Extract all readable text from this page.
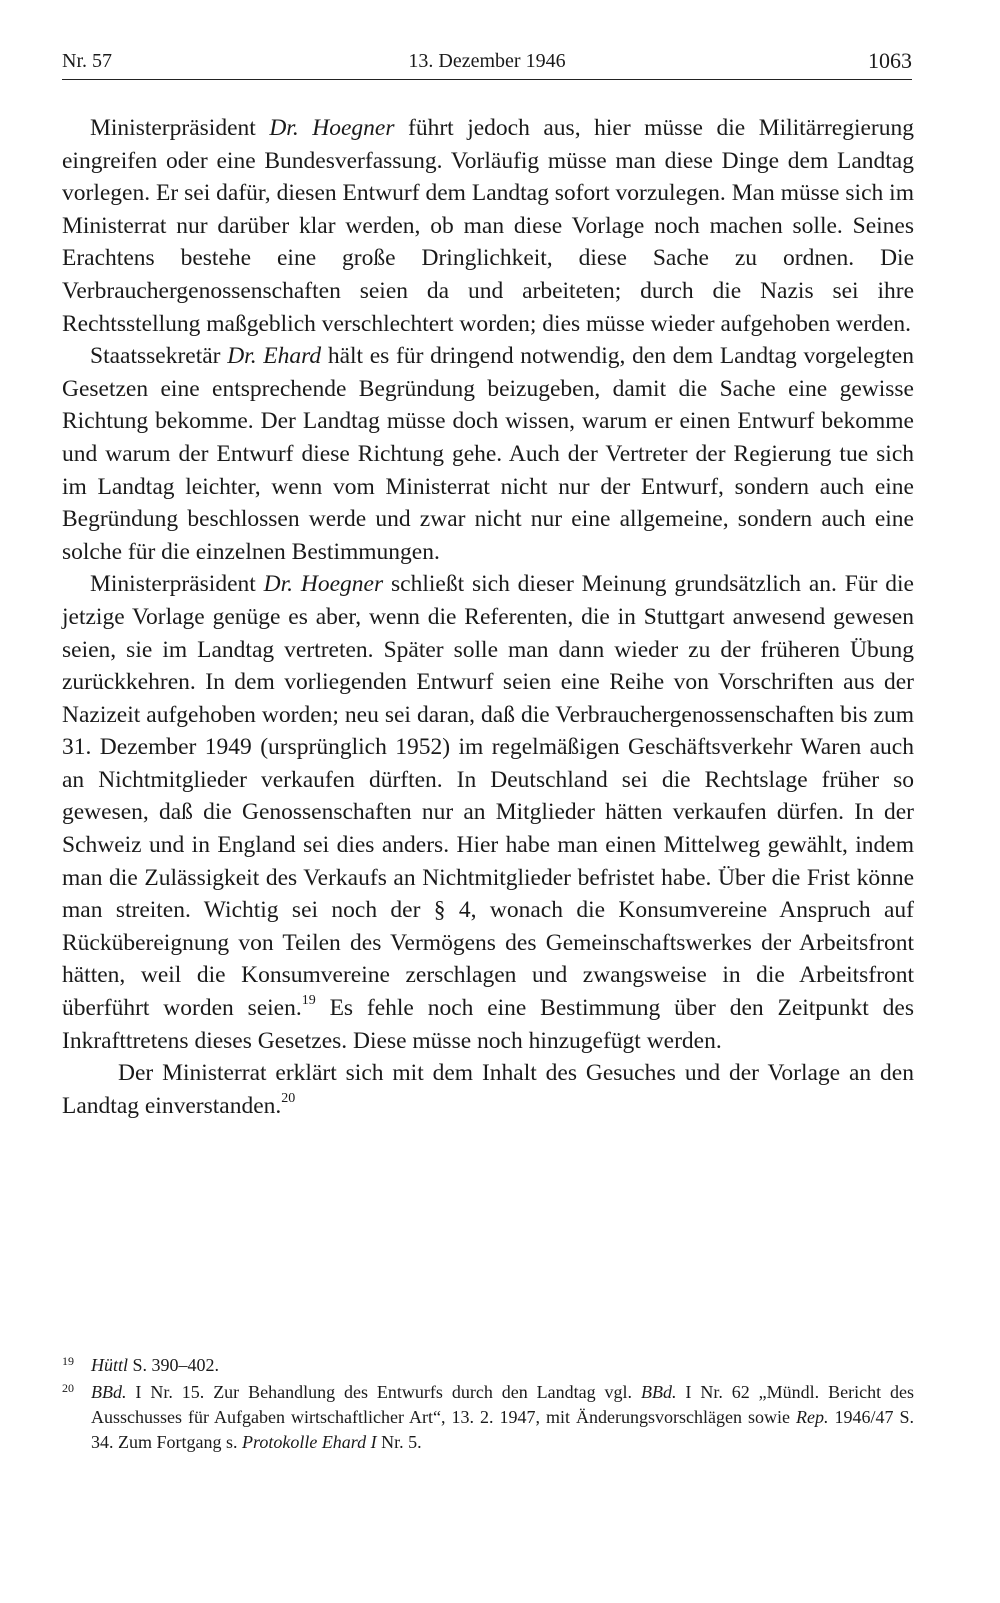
Nr. 57	13. Dezember 1946	1063

Ministerpräsident Dr. Hoegner führt jedoch aus, hier müsse die Militärregierung eingreifen oder eine Bundesverfassung. Vorläufig müsse man diese Dinge dem Landtag vorlegen. Er sei dafür, diesen Entwurf dem Landtag sofort vorzulegen. Man müsse sich im Ministerrat nur darüber klar werden, ob man diese Vorlage noch machen solle. Seines Erachtens bestehe eine große Dringlichkeit, diese Sache zu ordnen. Die Verbrauchergenossenschaften seien da und arbeiteten; durch die Nazis sei ihre Rechtsstellung maßgeblich verschlechtert worden; dies müsse wieder aufgehoben werden.

Staatssekretär Dr. Ehard hält es für dringend notwendig, den dem Landtag vorgelegten Gesetzen eine entsprechende Begründung beizugeben, damit die Sache eine gewisse Richtung bekomme. Der Landtag müsse doch wissen, warum er einen Entwurf bekomme und warum der Entwurf diese Richtung gehe. Auch der Vertreter der Regierung tue sich im Landtag leichter, wenn vom Ministerrat nicht nur der Entwurf, sondern auch eine Begründung beschlossen werde und zwar nicht nur eine allgemeine, sondern auch eine solche für die einzelnen Bestimmungen.

Ministerpräsident Dr. Hoegner schließt sich dieser Meinung grundsätzlich an. Für die jetzige Vorlage genüge es aber, wenn die Referenten, die in Stuttgart anwesend gewesen seien, sie im Landtag vertreten. Später solle man dann wieder zu der früheren Übung zurückkehren. In dem vorliegenden Entwurf seien eine Reihe von Vorschriften aus der Nazizeit aufgehoben worden; neu sei daran, daß die Verbrauchergenossenschaften bis zum 31. Dezember 1949 (ursprünglich 1952) im regelmäßigen Geschäftsverkehr Waren auch an Nichtmitglieder verkaufen dürften. In Deutschland sei die Rechtslage früher so gewesen, daß die Genossenschaften nur an Mitglieder hätten verkaufen dürfen. In der Schweiz und in England sei dies anders. Hier habe man einen Mittelweg gewählt, indem man die Zulässigkeit des Verkaufs an Nichtmitglieder befristet habe. Über die Frist könne man streiten. Wichtig sei noch der § 4, wonach die Konsumvereine Anspruch auf Rückübereignung von Teilen des Vermögens des Gemeinschaftswerkes der Arbeitsfront hätten, weil die Konsumvereine zerschlagen und zwangsweise in die Arbeitsfront überführt worden seien.$^{19}$ Es fehle noch eine Bestimmung über den Zeitpunkt des Inkrafttretens dieses Gesetzes. Diese müsse noch hinzugefügt werden.

Der Ministerrat erklärt sich mit dem Inhalt des Gesuches und der Vorlage an den Landtag einverstanden.$^{20}$

19 Hüttl S. 390–402.
20 BBd. I Nr. 15. Zur Behandlung des Entwurfs durch den Landtag vgl. BBd. I Nr. 62 „Mündl. Bericht des Ausschusses für Aufgaben wirtschaftlicher Art“, 13. 2. 1947, mit Änderungsvorschlägen sowie Rep. 1946/47 S. 34. Zum Fortgang s. Protokolle Ehard I Nr. 5.
